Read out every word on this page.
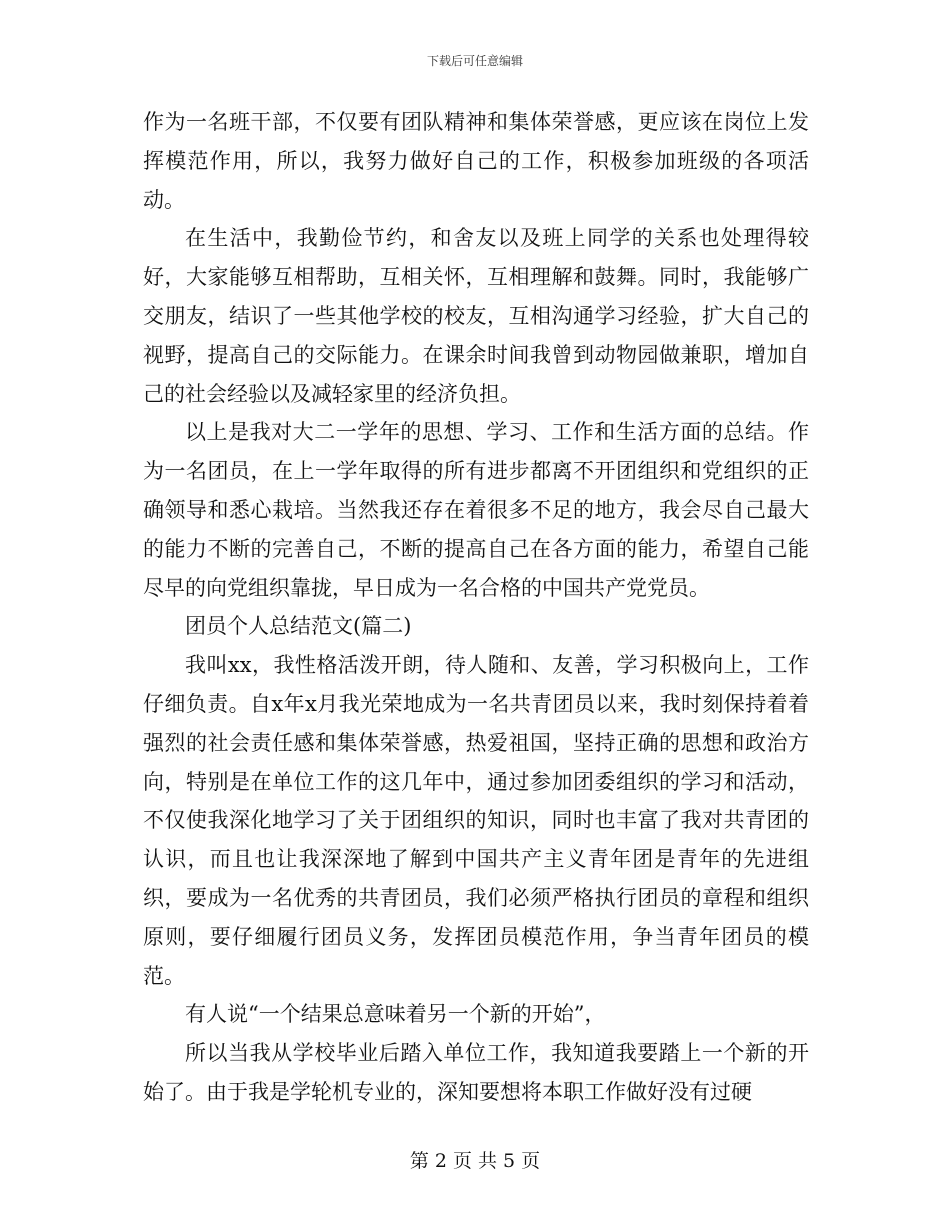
下载后可任意编辑

作为一名班干部，不仅要有团队精神和集体荣誉感，更应该在岗位上发挥模范作用，所以，我努力做好自己的工作，积极参加班级的各项活动。

在生活中，我勤俭节约，和舍友以及班上同学的关系也处理得较好，大家能够互相帮助，互相关怀，互相理解和鼓舞。同时，我能够广交朋友，结识了一些其他学校的校友，互相沟通学习经验，扩大自己的视野，提高自己的交际能力。在课余时间我曾到动物园做兼职，增加自己的社会经验以及减轻家里的经济负担。

以上是我对大二一学年的思想、学习、工作和生活方面的总结。作为一名团员，在上一学年取得的所有进步都离不开团组织和党组织的正确领导和悉心栽培。当然我还存在着很多不足的地方，我会尽自己最大的能力不断的完善自己，不断的提高自己在各方面的能力，希望自己能尽早的向党组织靠拢，早日成为一名合格的中国共产党党员。

团员个人总结范文(篇二)

我叫xx，我性格活泼开朗，待人随和、友善，学习积极向上，工作仔细负责。自x年x月我光荣地成为一名共青团员以来，我时刻保持着着强烈的社会责任感和集体荣誉感，热爱祖国，坚持正确的思想和政治方向，特别是在单位工作的这几年中，通过参加团委组织的学习和活动，不仅使我深化地学习了关于团组织的知识，同时也丰富了我对共青团的认识，而且也让我深深地了解到中国共产主义青年团是青年的先进组织，要成为一名优秀的共青团员，我们必须严格执行团员的章程和组织原则，要仔细履行团员义务，发挥团员模范作用，争当青年团员的模范。

有人说“一个结果总意味着另一个新的开始”，

所以当我从学校毕业后踏入单位工作，我知道我要踏上一个新的开始了。由于我是学轮机专业的，深知要想将本职工作做好没有过硬

第 2 页 共 5 页
